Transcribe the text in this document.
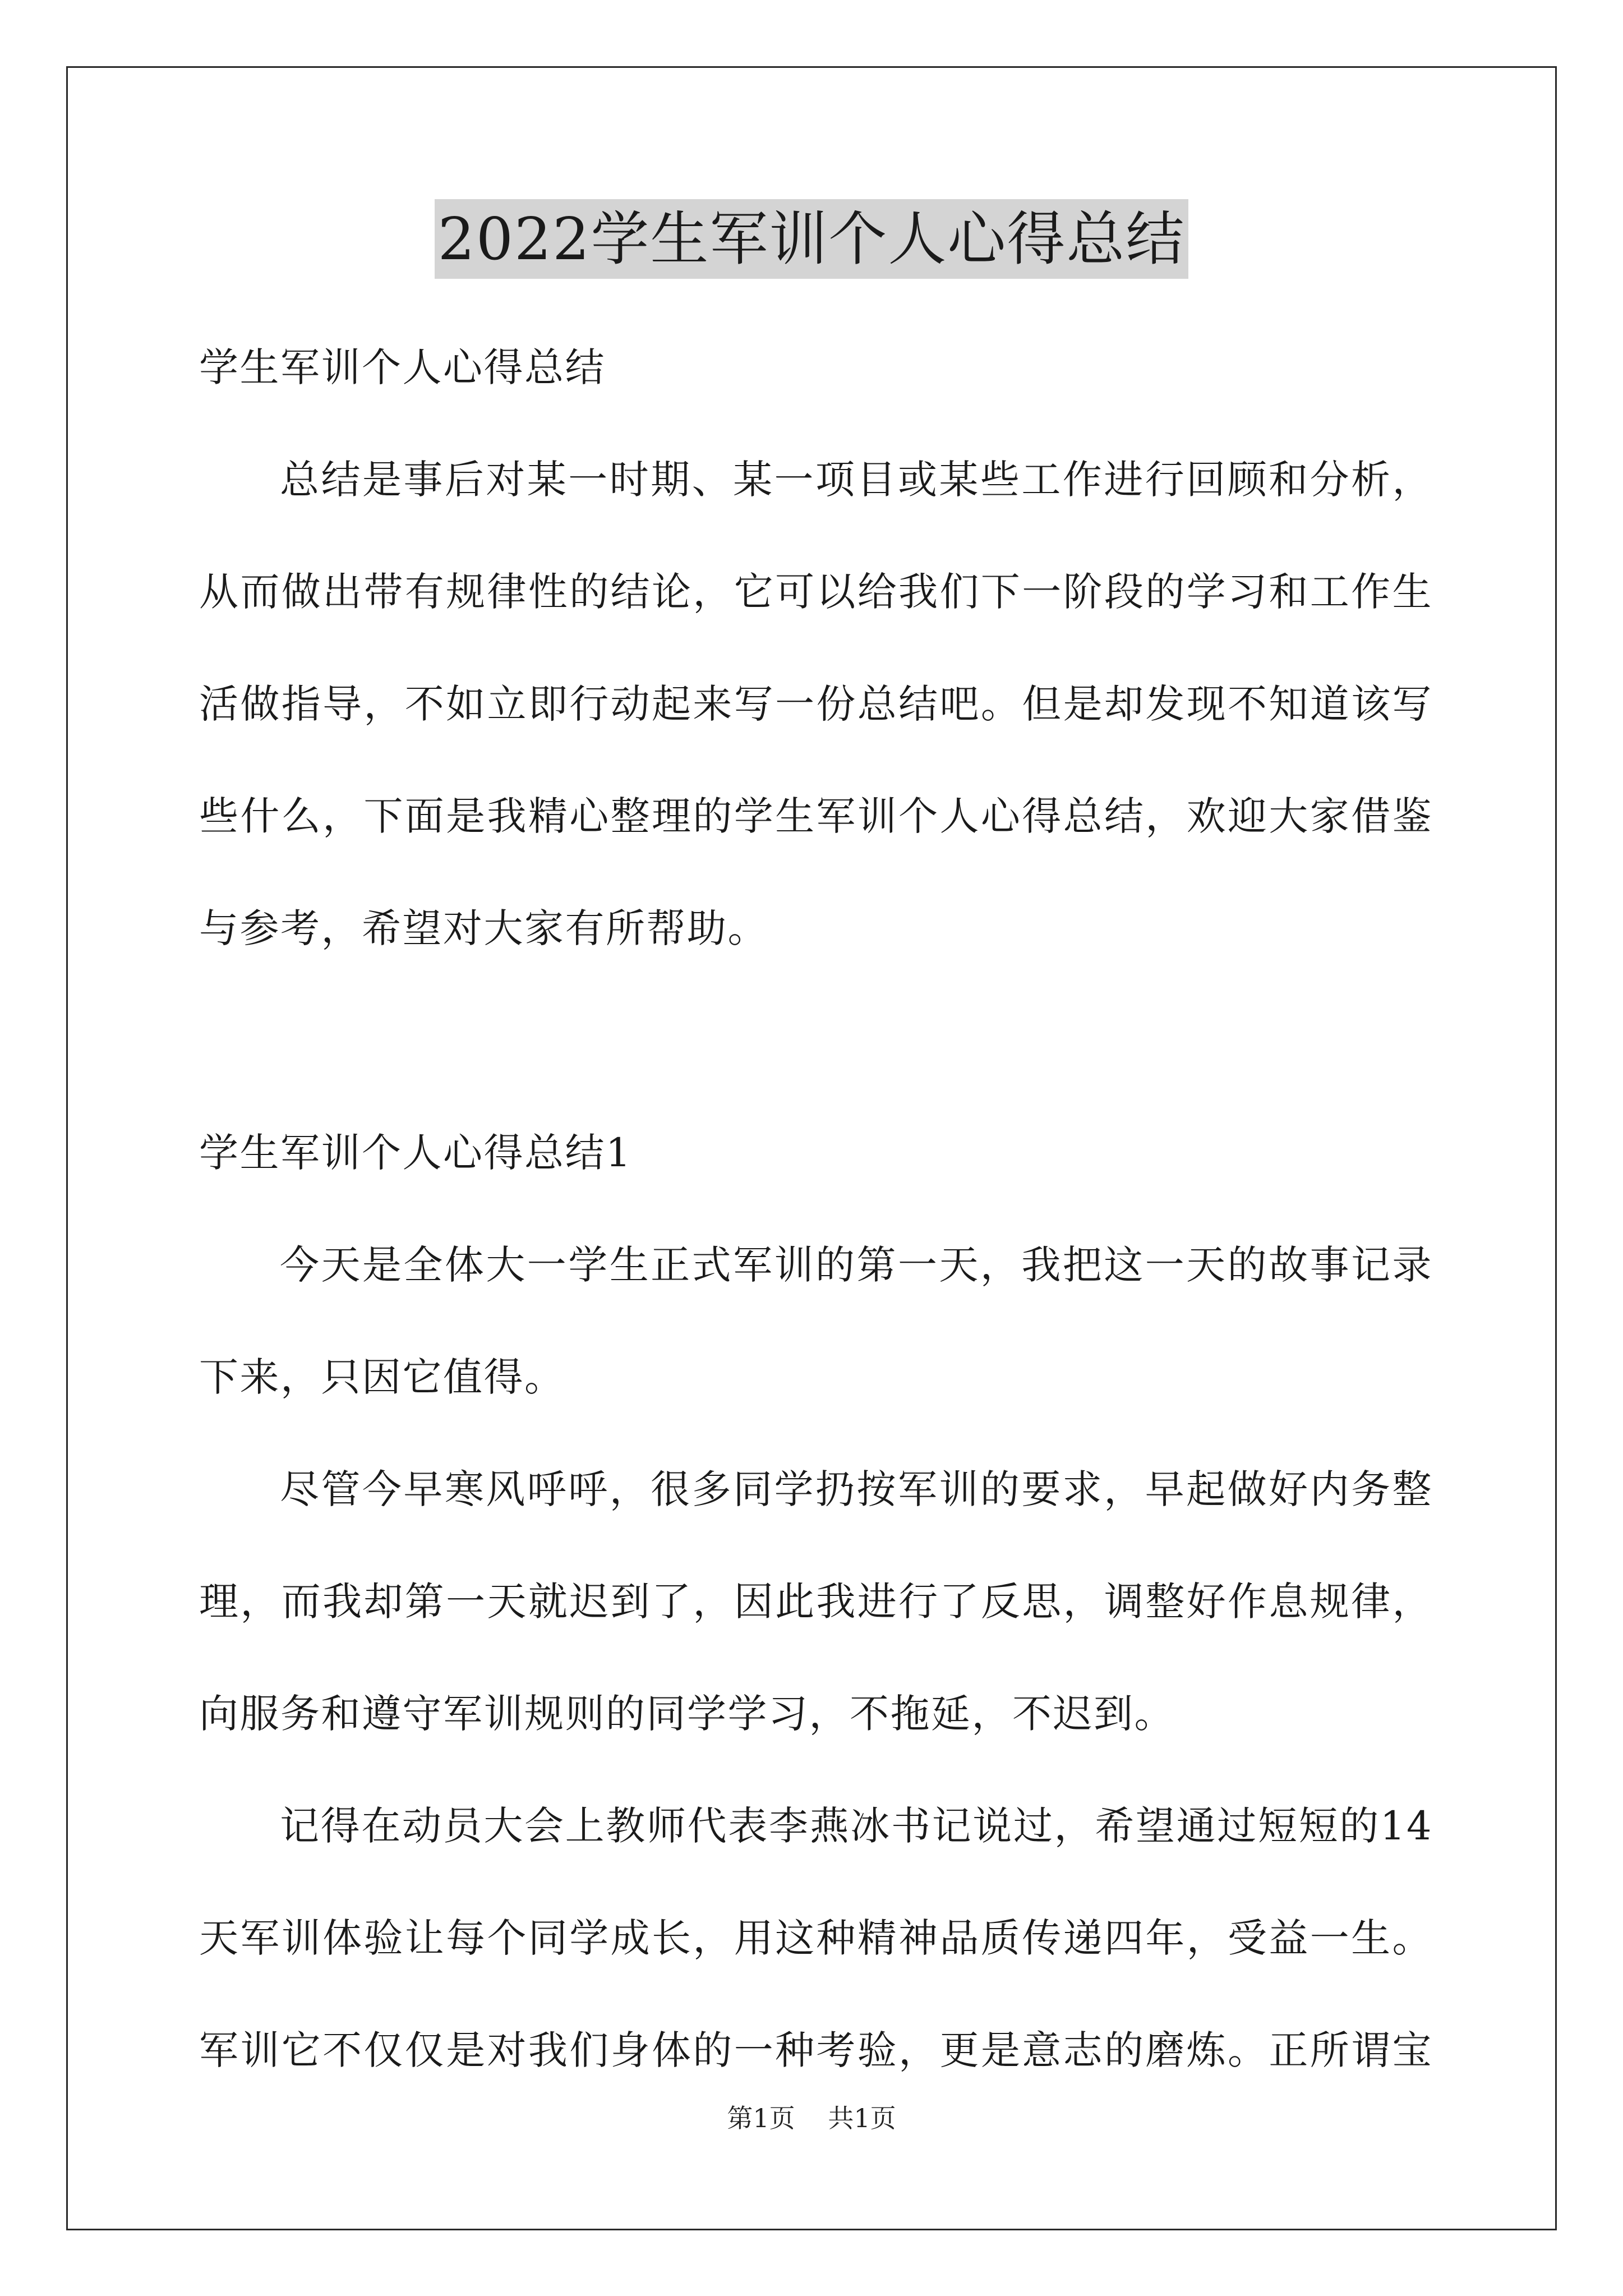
2022学生军训个人心得总结
学生军训个人心得总结
总结是事后对某一时期、某一项目或某些工作进行回顾和分析，
从而做出带有规律性的结论，它可以给我们下一阶段的学习和工作生
活做指导，不如立即行动起来写一份总结吧。但是却发现不知道该写
些什么，下面是我精心整理的学生军训个人心得总结，欢迎大家借鉴
与参考，希望对大家有所帮助。
学生军训个人心得总结1
今天是全体大一学生正式军训的第一天，我把这一天的故事记录
下来，只因它值得。
尽管今早寒风呼呼，很多同学扔按军训的要求，早起做好内务整
理，而我却第一天就迟到了，因此我进行了反思，调整好作息规律，
向服务和遵守军训规则的同学学习，不拖延，不迟到。
记得在动员大会上教师代表李燕冰书记说过，希望通过短短的14
天军训体验让每个同学成长，用这种精神品质传递四年，受益一生。
军训它不仅仅是对我们身体的一种考验，更是意志的磨炼。正所谓宝
第1页 共1页
